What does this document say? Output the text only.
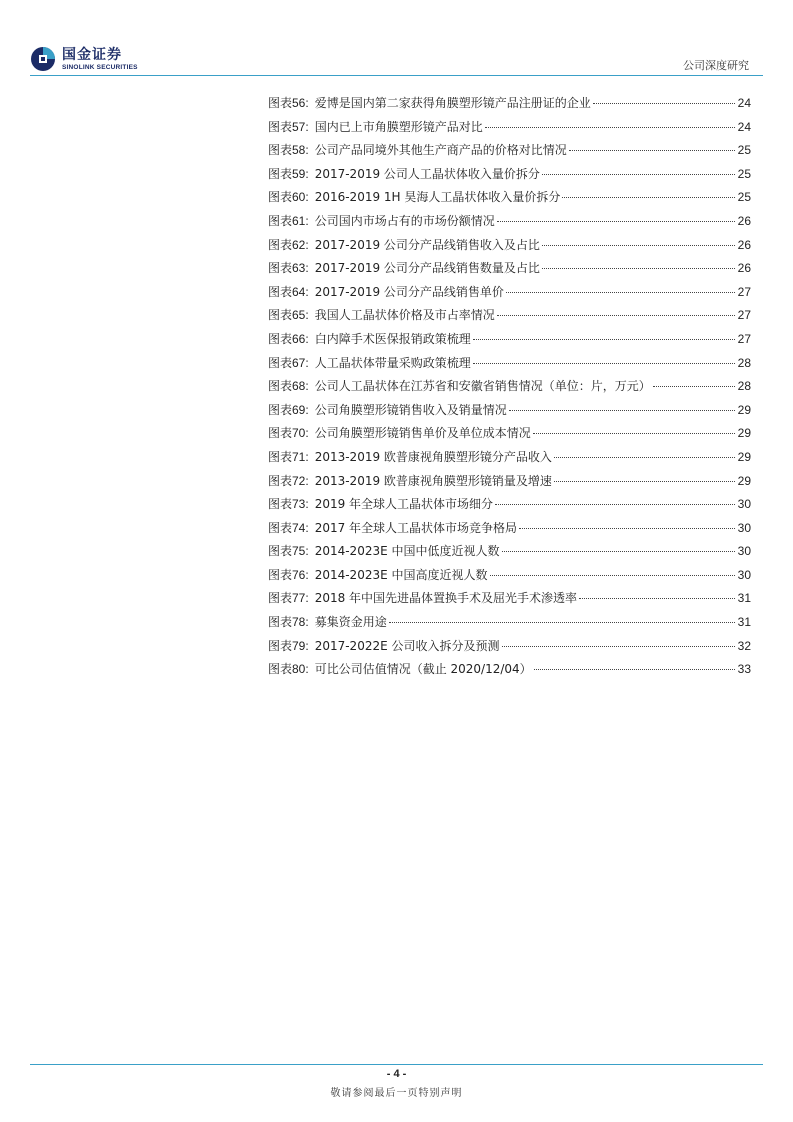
国金证券
SINOLINK SECURITIES	公司深度研究
图表56: 爱博是国内第二家获得角膜塑形镜产品注册证的企业	24
图表57: 国内已上市角膜塑形镜产品对比	24
图表58: 公司产品同境外其他生产商产品的价格对比情况	25
图表59: 2017-2019 公司人工晶状体收入量价拆分	25
图表60: 2016-2019 1H 昊海人工晶状体收入量价拆分	25
图表61: 公司国内市场占有的市场份额情况	26
图表62: 2017-2019 公司分产品线销售收入及占比	26
图表63: 2017-2019 公司分产品线销售数量及占比	26
图表64: 2017-2019 公司分产品线销售单价	27
图表65: 我国人工晶状体价格及市占率情况	27
图表66: 白内障手术医保报销政策梳理	27
图表67: 人工晶状体带量采购政策梳理	28
图表68: 公司人工晶状体在江苏省和安徽省销售情况（单位：片，万元）	28
图表69: 公司角膜塑形镜销售收入及销量情况	29
图表70: 公司角膜塑形镜销售单价及单位成本情况	29
图表71: 2013-2019 欧普康视角膜塑形镜分产品收入	29
图表72: 2013-2019 欧普康视角膜塑形镜销量及增速	29
图表73: 2019 年全球人工晶状体市场细分	30
图表74: 2017 年全球人工晶状体市场竞争格局	30
图表75: 2014-2023E 中国中低度近视人数	30
图表76: 2014-2023E 中国高度近视人数	30
图表77: 2018 年中国先进晶体置换手术及屈光手术渗透率	31
图表78: 募集资金用途	31
图表79: 2017-2022E 公司收入拆分及预测	32
图表80: 可比公司估值情况（截止 2020/12/04）	33
- 4 -
敬请参阅最后一页特别声明
